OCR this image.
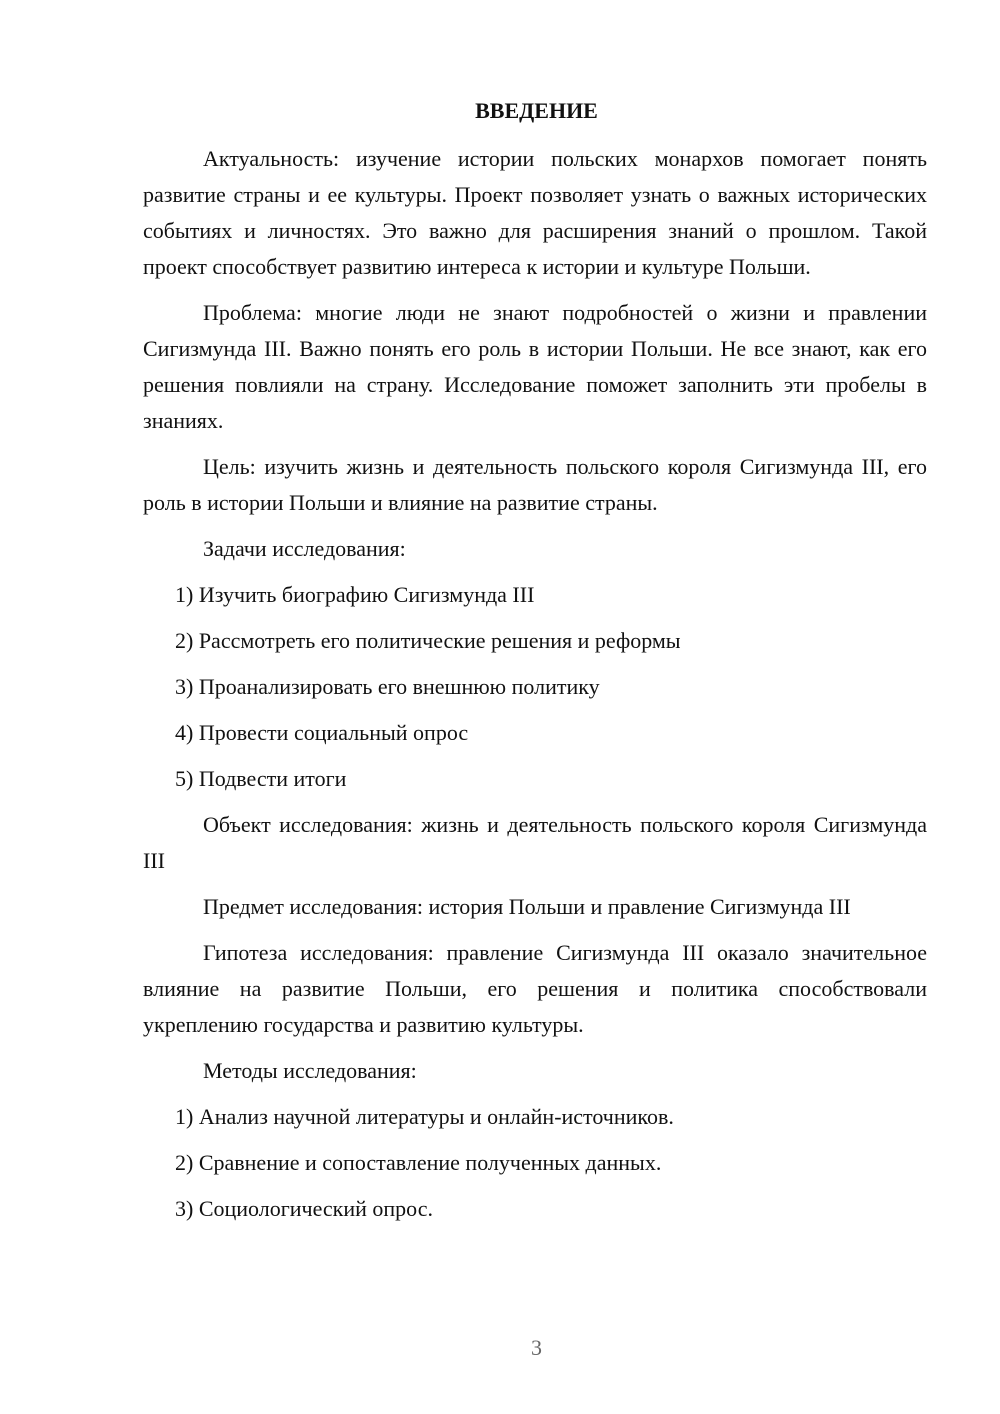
ВВЕДЕНИЕ

Актуальность: изучение истории польских монархов помогает понять развитие страны и ее культуры. Проект позволяет узнать о важных исторических событиях и личностях. Это важно для расширения знаний о прошлом. Такой проект способствует развитию интереса к истории и культуре Польши.

Проблема: многие люди не знают подробностей о жизни и правлении Сигизмунда III. Важно понять его роль в истории Польши. Не все знают, как его решения повлияли на страну. Исследование поможет заполнить эти пробелы в знаниях.

Цель: изучить жизнь и деятельность польского короля Сигизмунда III, его роль в истории Польши и влияние на развитие страны.

Задачи исследования:

1) Изучить биографию Сигизмунда III
2) Рассмотреть его политические решения и реформы
3) Проанализировать его внешнюю политику
4) Провести социальный опрос
5) Подвести итоги

Объект исследования: жизнь и деятельность польского короля Сигизмунда III

Предмет исследования: история Польши и правление Сигизмунда III

Гипотеза исследования: правление Сигизмунда III оказало значительное влияние на развитие Польши, его решения и политика способствовали укреплению государства и развитию культуры.

Методы исследования:

1) Анализ научной литературы и онлайн-источников.
2) Сравнение и сопоставление полученных данных.
3) Социологический опрос.
3
